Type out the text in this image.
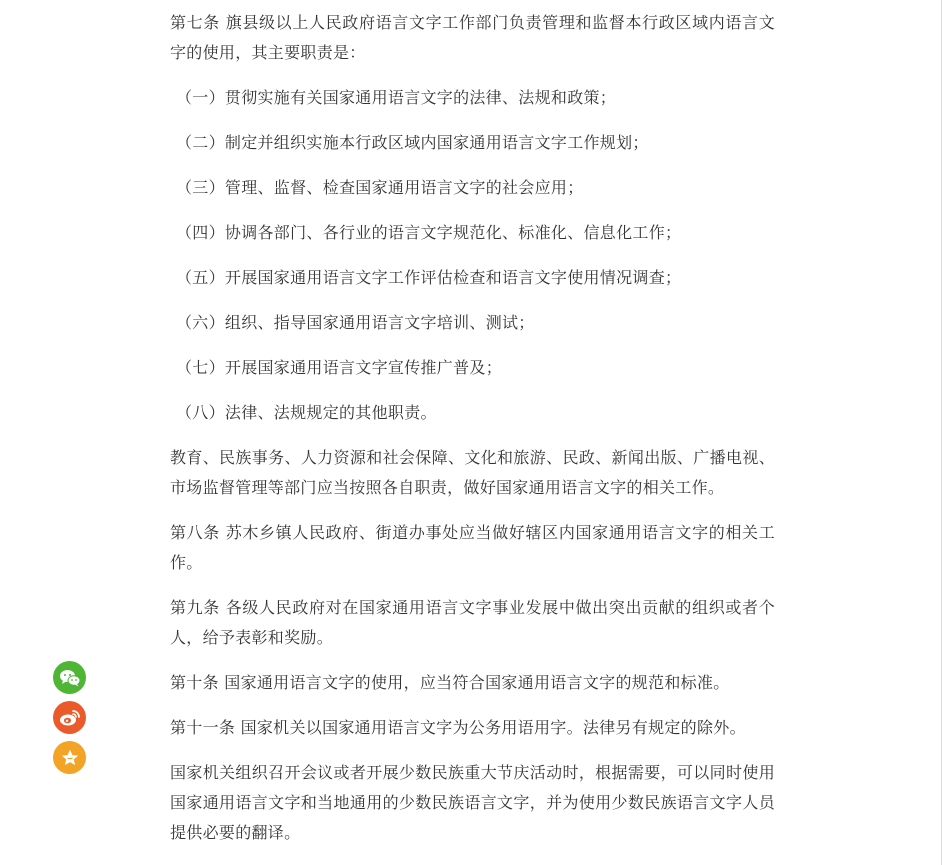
第七条 旗县级以上人民政府语言文字工作部门负责管理和监督本行政区域内语言文字的使用，其主要职责是：

（一）贯彻实施有关国家通用语言文字的法律、法规和政策；

（二）制定并组织实施本行政区域内国家通用语言文字工作规划；

（三）管理、监督、检查国家通用语言文字的社会应用；

（四）协调各部门、各行业的语言文字规范化、标准化、信息化工作；

（五）开展国家通用语言文字工作评估检查和语言文字使用情况调查；

（六）组织、指导国家通用语言文字培训、测试；

（七）开展国家通用语言文字宣传推广普及；

（八）法律、法规规定的其他职责。

教育、民族事务、人力资源和社会保障、文化和旅游、民政、新闻出版、广播电视、市场监督管理等部门应当按照各自职责，做好国家通用语言文字的相关工作。

第八条 苏木乡镇人民政府、街道办事处应当做好辖区内国家通用语言文字的相关工作。

第九条 各级人民政府对在国家通用语言文字事业发展中做出突出贡献的组织或者个人，给予表彰和奖励。

第十条 国家通用语言文字的使用，应当符合国家通用语言文字的规范和标准。

第十一条 国家机关以国家通用语言文字为公务用语用字。法律另有规定的除外。

国家机关组织召开会议或者开展少数民族重大节庆活动时，根据需要，可以同时使用国家通用语言文字和当地通用的少数民族语言文字，并为使用少数民族语言文字人员提供必要的翻译。
